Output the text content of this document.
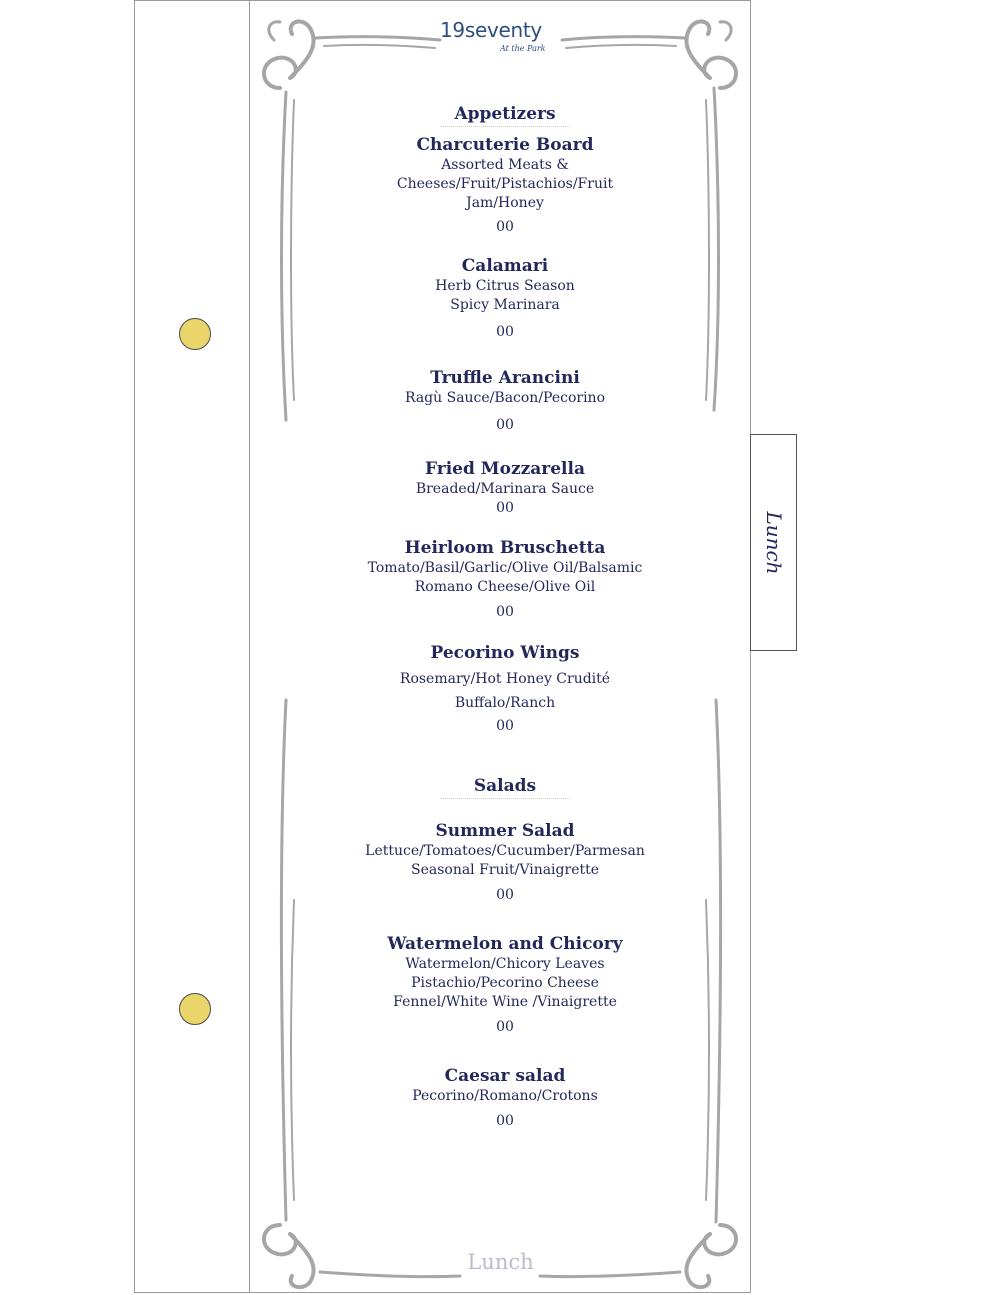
Lunch
19seventy
At the Park
Appetizers
Charcuterie Board
Assorted Meats &
Cheeses/Fruit/Pistachios/Fruit
Jam/Honey
00
Calamari
Herb Citrus Season
Spicy Marinara
00
Truffle Arancini
Ragù Sauce/Bacon/Pecorino
00
Fried Mozzarella
Breaded/Marinara Sauce
00
Heirloom Bruschetta
Tomato/Basil/Garlic/Olive Oil/Balsamic
Romano Cheese/Olive Oil
00
Pecorino Wings
Rosemary/Hot Honey Crudité
Buffalo/Ranch
00
Salads
Summer Salad
Lettuce/Tomatoes/Cucumber/Parmesan
Seasonal Fruit/Vinaigrette
00
Watermelon and Chicory
Watermelon/Chicory Leaves
Pistachio/Pecorino Cheese
Fennel/White Wine /Vinaigrette
00
Caesar salad
Pecorino/Romano/Crotons
00
Lunch
